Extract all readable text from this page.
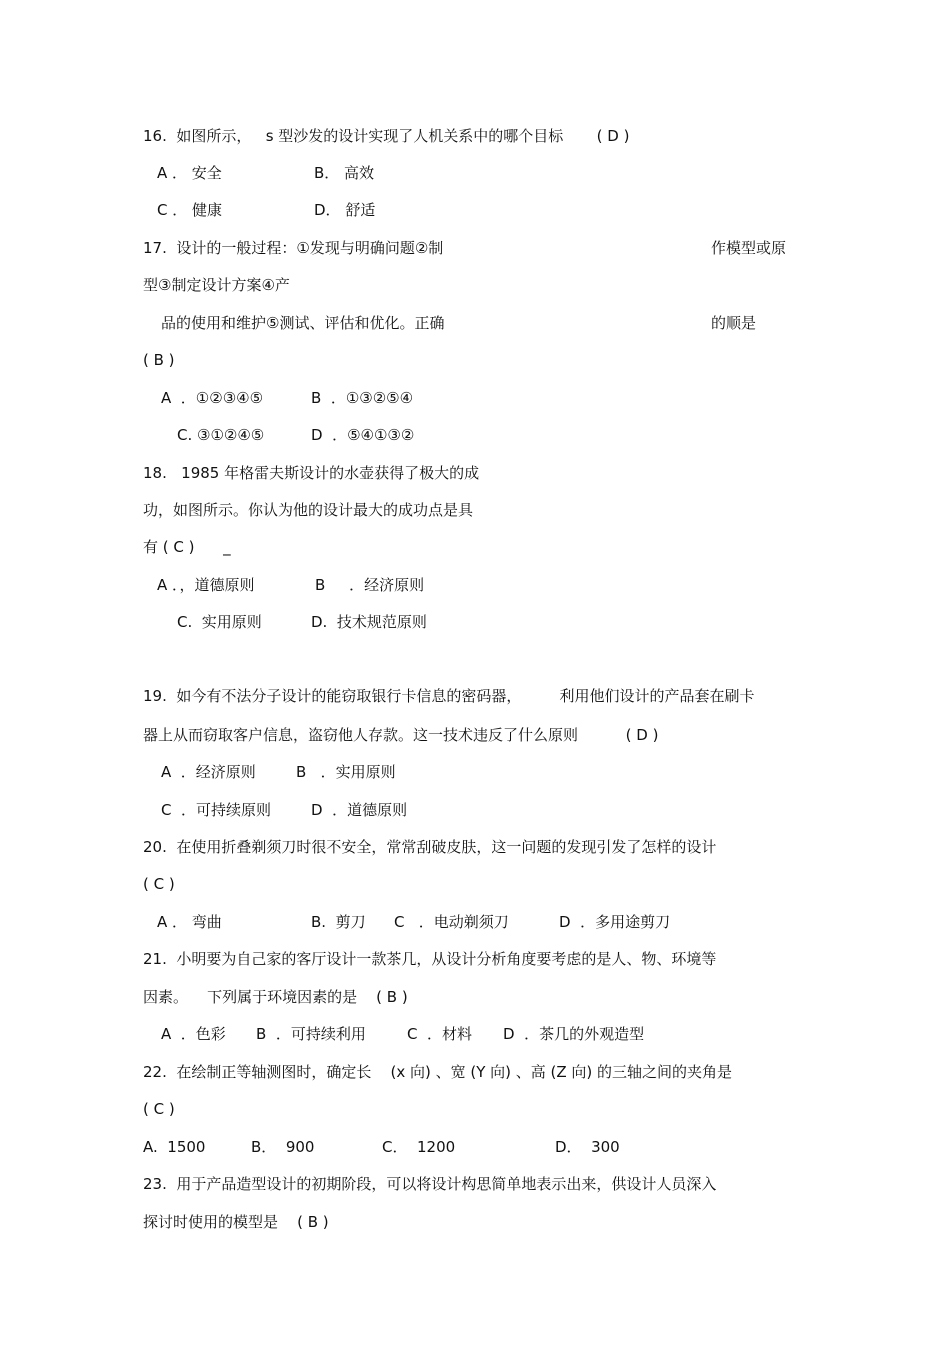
16.  如图所示，   s 型沙发的设计实现了人机关系中的哪个目标       ( D )
A ． 安全	B． 高效
C ． 健康	D． 舒适
17.  设计的一般过程：①发现与明确问题②制	作模型或原
型③制定设计方案④产
品的使用和维护⑤测试、评估和优化。正确	的顺是
( B )
A  ．①②③④⑤	B  ．①③②⑤④
C. ③①②④⑤	D  ．⑤④①③②
18.   1985 年格雷夫斯设计的水壶获得了极大的成
功，如图所示。你认为他的设计最大的成功点是具
有 ( C )      _
A ．，道德原则	B     ．经济原则
C.  实用原则	D.  技术规范原则
19.  如今有不法分子设计的能窃取银行卡信息的密码器，        利用他们设计的产品套在刷卡
器上从而窃取客户信息，盗窃他人存款。这一技术违反了什么原则          ( D )
A  ．经济原则	B   ．实用原则
C  ．可持续原则	D  ．道德原则
20.  在使用折叠剃须刀时很不安全，常常刮破皮肤，这一问题的发现引发了怎样的设计
( C )
A ． 弯曲	B.  剪刀 C   ．电动剃须刀	D  ．多用途剪刀
21.  小明要为自己家的客厅设计一款茶几，从设计分析角度要考虑的是人、物、环境等
因素。    下列属于环境因素的是    ( B )
A  ．色彩 B  ．可持续利用	C  ．材料 D  ．茶几的外观造型
22.  在绘制正等轴测图时，确定长    (x 向) 、宽 (Y 向) 、高 (Z 向) 的三轴之间的夹角是
( C )
A.  1500	B．  900	C．  1200	D．  300
23.  用于产品造型设计的初期阶段，可以将设计构思简单地表示出来，供设计人员深入
探讨时使用的模型是    ( B )
